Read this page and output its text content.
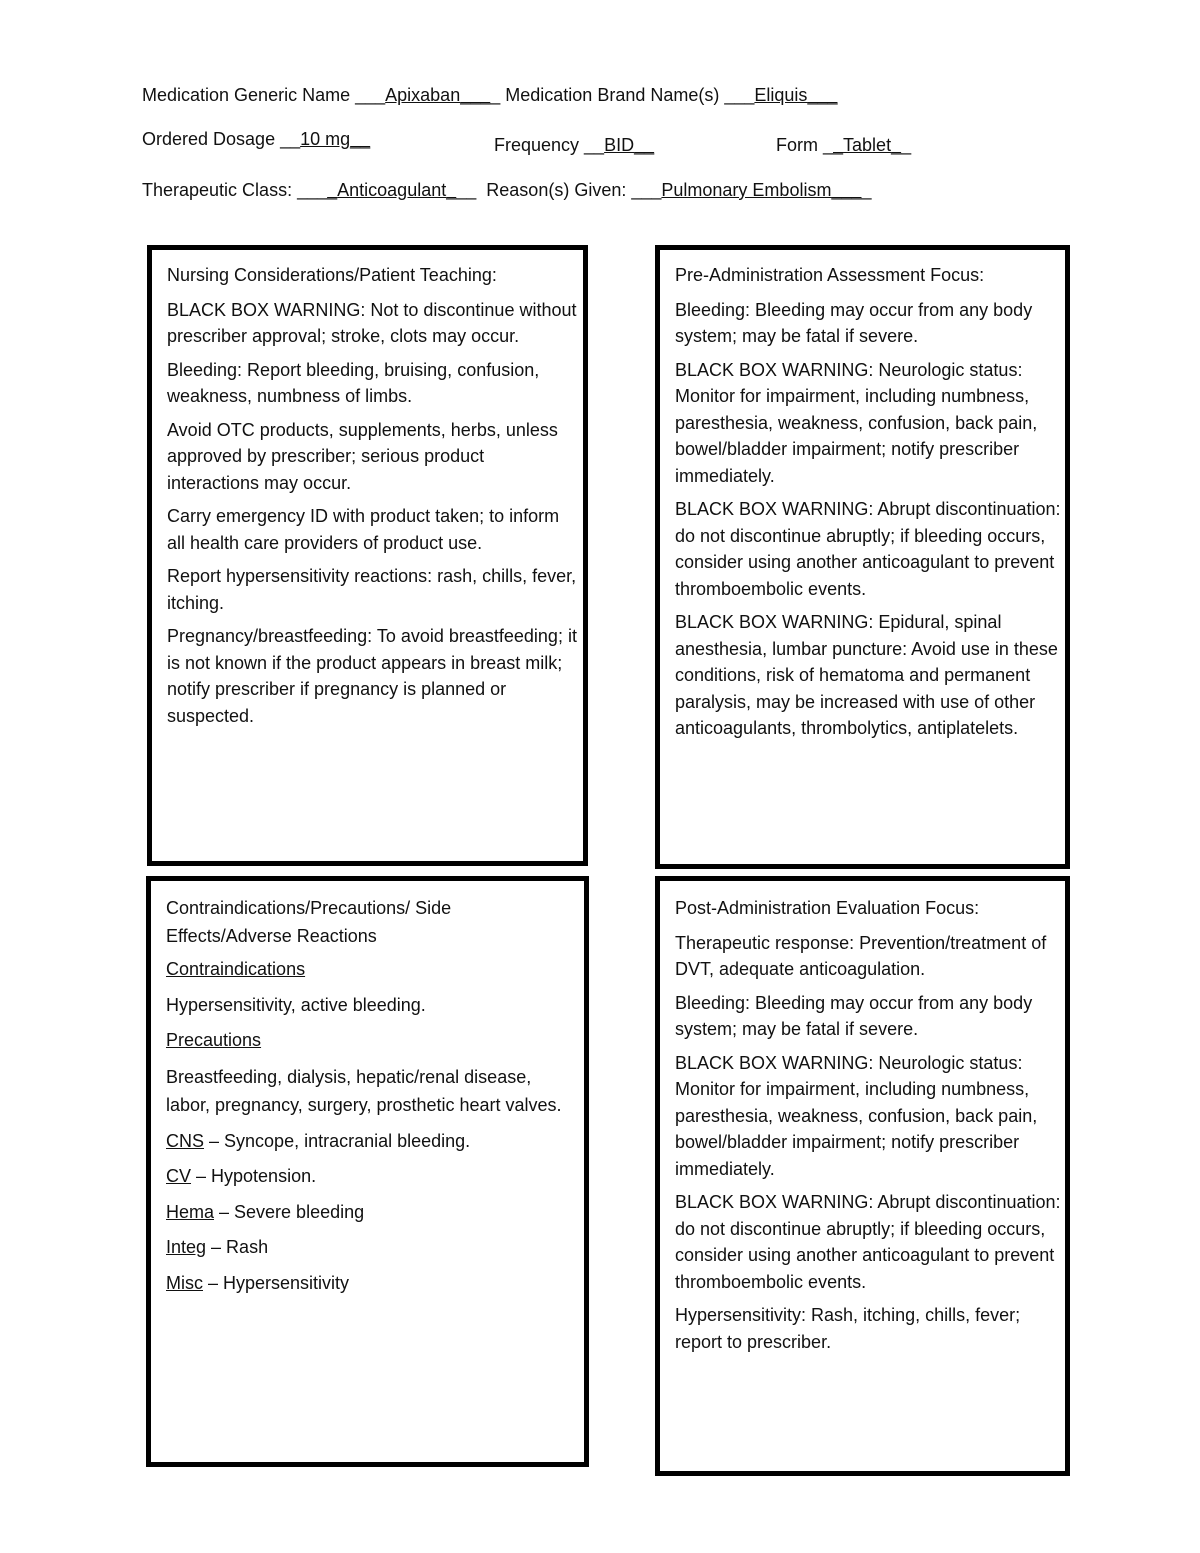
Medication Generic Name ___Apixaban____ Medication Brand Name(s) ___Eliquis___
Ordered Dosage __10 mg__	Frequency __BID__	Form __Tablet__
Therapeutic Class: ____Anticoagulant___  Reason(s) Given: ___Pulmonary Embolism____

Nursing Considerations/Patient Teaching:

BLACK BOX WARNING: Not to discontinue without prescriber approval; stroke, clots may occur.

Bleeding: Report bleeding, bruising, confusion, weakness, numbness of limbs.

Avoid OTC products, supplements, herbs, unless approved by prescriber; serious product interactions may occur.

Carry emergency ID with product taken; to inform all health care providers of product use.

Report hypersensitivity reactions: rash, chills, fever, itching.

Pregnancy/breastfeeding: To avoid breastfeeding; it is not known if the product appears in breast milk; notify prescriber if pregnancy is planned or suspected.

Pre-Administration Assessment Focus:

Bleeding: Bleeding may occur from any body system; may be fatal if severe.

BLACK BOX WARNING: Neurologic status: Monitor for impairment, including numbness, paresthesia, weakness, confusion, back pain, bowel/bladder impairment; notify prescriber immediately.

BLACK BOX WARNING: Abrupt discontinuation: do not discontinue abruptly; if bleeding occurs, consider using another anticoagulant to prevent thromboembolic events.

BLACK BOX WARNING: Epidural, spinal anesthesia, lumbar puncture: Avoid use in these conditions, risk of hematoma and permanent paralysis, may be increased with use of other anticoagulants, thrombolytics, antiplatelets.

Contraindications/Precautions/ Side Effects/Adverse Reactions

Contraindications

Hypersensitivity, active bleeding.

Precautions

Breastfeeding, dialysis, hepatic/renal disease, labor, pregnancy, surgery, prosthetic heart valves.

CNS – Syncope, intracranial bleeding.

CV – Hypotension.

Hema – Severe bleeding

Integ – Rash

Misc – Hypersensitivity

Post-Administration Evaluation Focus:

Therapeutic response: Prevention/treatment of DVT, adequate anticoagulation.

Bleeding: Bleeding may occur from any body system; may be fatal if severe.

BLACK BOX WARNING: Neurologic status: Monitor for impairment, including numbness, paresthesia, weakness, confusion, back pain, bowel/bladder impairment; notify prescriber immediately.

BLACK BOX WARNING: Abrupt discontinuation: do not discontinue abruptly; if bleeding occurs, consider using another anticoagulant to prevent thromboembolic events.

Hypersensitivity: Rash, itching, chills, fever; report to prescriber.
